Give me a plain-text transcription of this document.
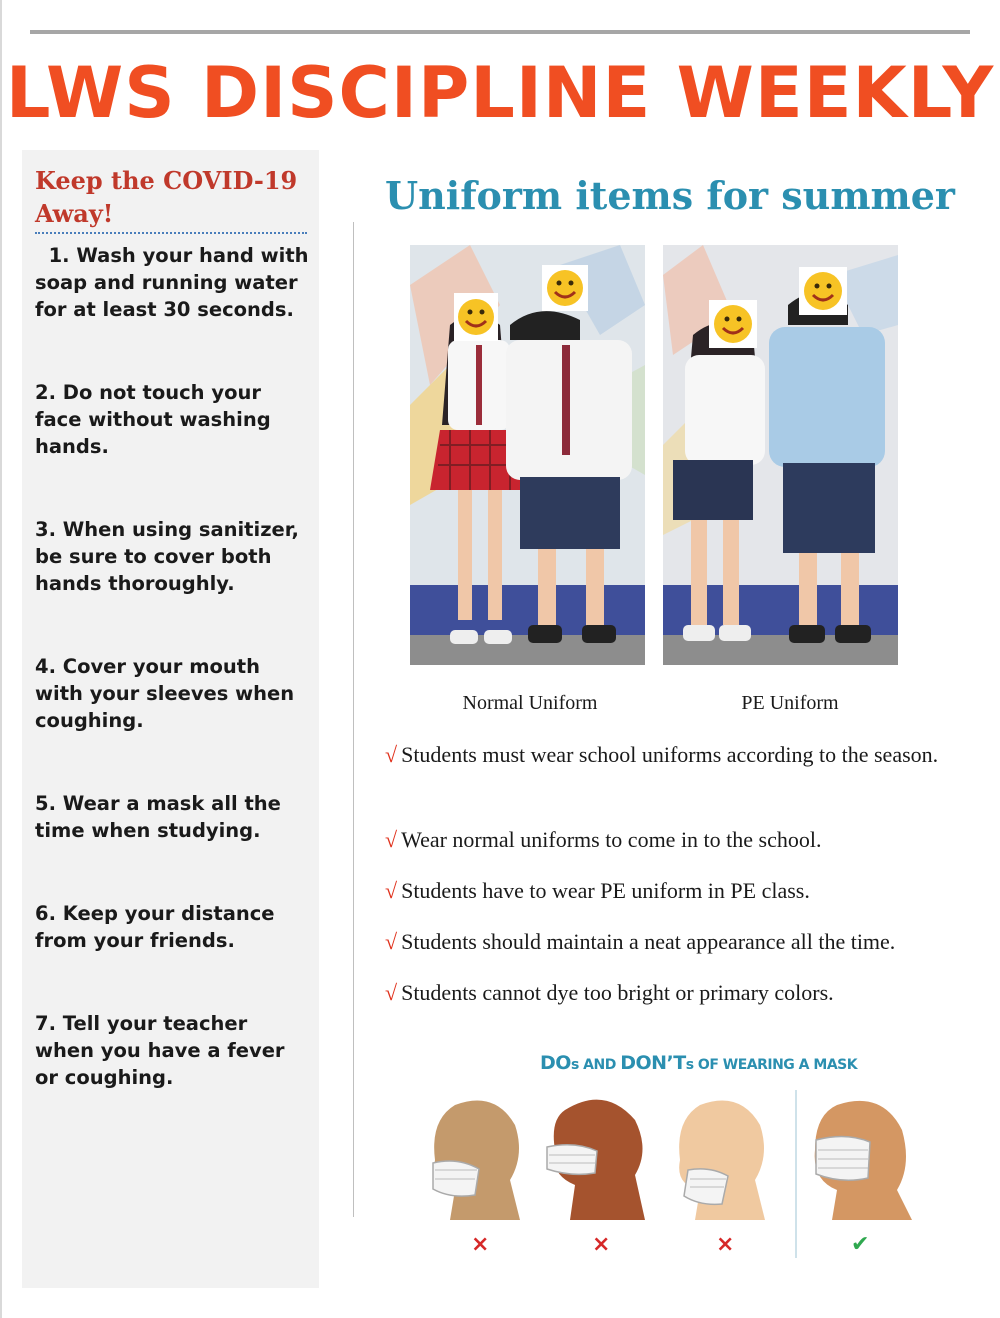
LWS DISCIPLINE WEEKLY
Keep the COVID-19 Away!
1. Wash your hand with soap and running water for at least 30 seconds.
2. Do not touch your face without washing hands.
3. When using sanitizer, be sure to cover both hands thoroughly.
4. Cover your mouth with your sleeves when coughing.
5. Wear a mask all the time when studying.
6. Keep your distance from your friends.
7. Tell your teacher when you have a fever or coughing.
Uniform items for summer
Normal Uniform	PE Uniform
√ Students must wear school uniforms according to the season.
√ Wear normal uniforms to come in to the school.
√ Students have to wear PE uniform in PE class.
√ Students should maintain a neat appearance all the time.
√ Students cannot dye too bright or primary colors.
DOs AND DON’Ts OF WEARING A MASK
×	×	×	✔
